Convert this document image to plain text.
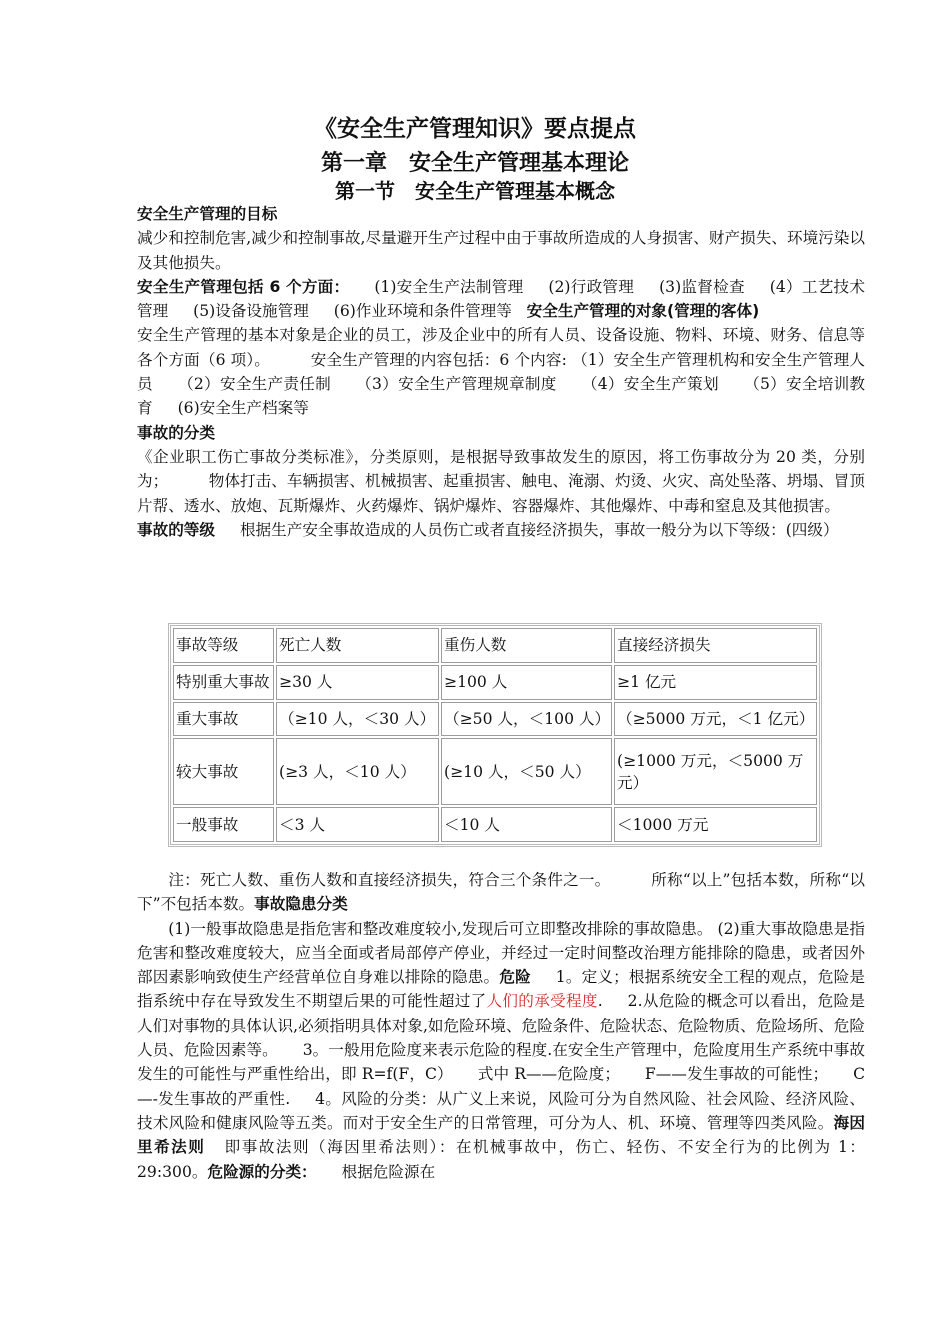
《安全生产管理知识》要点提点
第一章　安全生产管理基本理论
第一节　安全生产管理基本概念

安全生产管理的目标
减少和控制危害,减少和控制事故,尽量避开生产过程中由于事故所造成的人身损害、财产损失、环境污染以及其他损失。

安全生产管理包括 6 个方面： (1)安全生产法制管理 (2)行政管理 (3)监督检查 (4）工艺技术管理 (5)设备设施管理 (6)作业环境和条件管理等 安全生产管理的对象(管理的客体)

安全生产管理的基本对象是企业的员工，涉及企业中的所有人员、设备设施、物料、环境、财务、信息等各个方面（6 项）。	安全生产管理的内容包括：6 个内容: （1）安全生产管理机构和安全生产管理人员 （2）安全生产责任制 （3）安全生产管理规章制度 （4）安全生产策划 （5）安全培训教育 (6)安全生产档案等

事故的分类
《企业职工伤亡事故分类标准》，分类原则，是根据导致事故发生的原因，将工伤事故分为 20 类，分别为；	物体打击、车辆损害、机械损害、起重损害、触电、淹溺、灼烫、火灾、高处坠落、坍塌、冒顶片帮、透水、放炮、瓦斯爆炸、火药爆炸、锅炉爆炸、容器爆炸、其他爆炸、中毒和窒息及其他损害。事故的等级 根据生产安全事故造成的人员伤亡或者直接经济损失，事故一般分为以下等级：(四级）

事故等级	死亡人数	重伤人数	直接经济损失
特别重大事故	≥30 人	≥100 人	≥1 亿元
重大事故	（≥10 人，＜30 人）	（≥50 人，＜100 人）	（≥5000 万元，＜1 亿元）
较大事故	(≥3 人，＜10 人）	(≥10 人，＜50 人）	(≥1000 万元，＜5000 万元）
一般事故	＜3 人	＜10 人	＜1000 万元

注：死亡人数、重伤人数和直接经济损失，符合三个条件之一。	所称“以上”包括本数，所称“以下”不包括本数。事故隐患分类

(1)一般事故隐患是指危害和整改难度较小,发现后可立即整改排除的事故隐患。 (2)重大事故隐患是指危害和整改难度较大，应当全面或者局部停产停业，并经过一定时间整改治理方能排除的隐患，或者因外部因素影响致使生产经营单位自身难以排除的隐患。危险 1。定义；根据系统安全工程的观点，危险是指系统中存在导致发生不期望后果的可能性超过了人们的承受程度. 2.从危险的概念可以看出，危险是人们对事物的具体认识,必须指明具体对象,如危险环境、危险条件、危险状态、危险物质、危险场所、危险人员、危险因素等。 3。一般用危险度来表示危险的程度.在安全生产管理中，危险度用生产系统中事故发生的可能性与严重性给出，即 R=f(F，C） 式中 R——危险度； F——发生事故的可能性； C—-发生事故的严重性. 4。风险的分类：从广义上来说，风险可分为自然风险、社会风险、经济风险、技术风险和健康风险等五类。而对于安全生产的日常管理，可分为人、机、环境、管理等四类风险。海因里希法则 即事故法则（海因里希法则）：在机械事故中，伤亡、轻伤、不安全行为的比例为 1：29:300。危险源的分类： 根据危险源在
